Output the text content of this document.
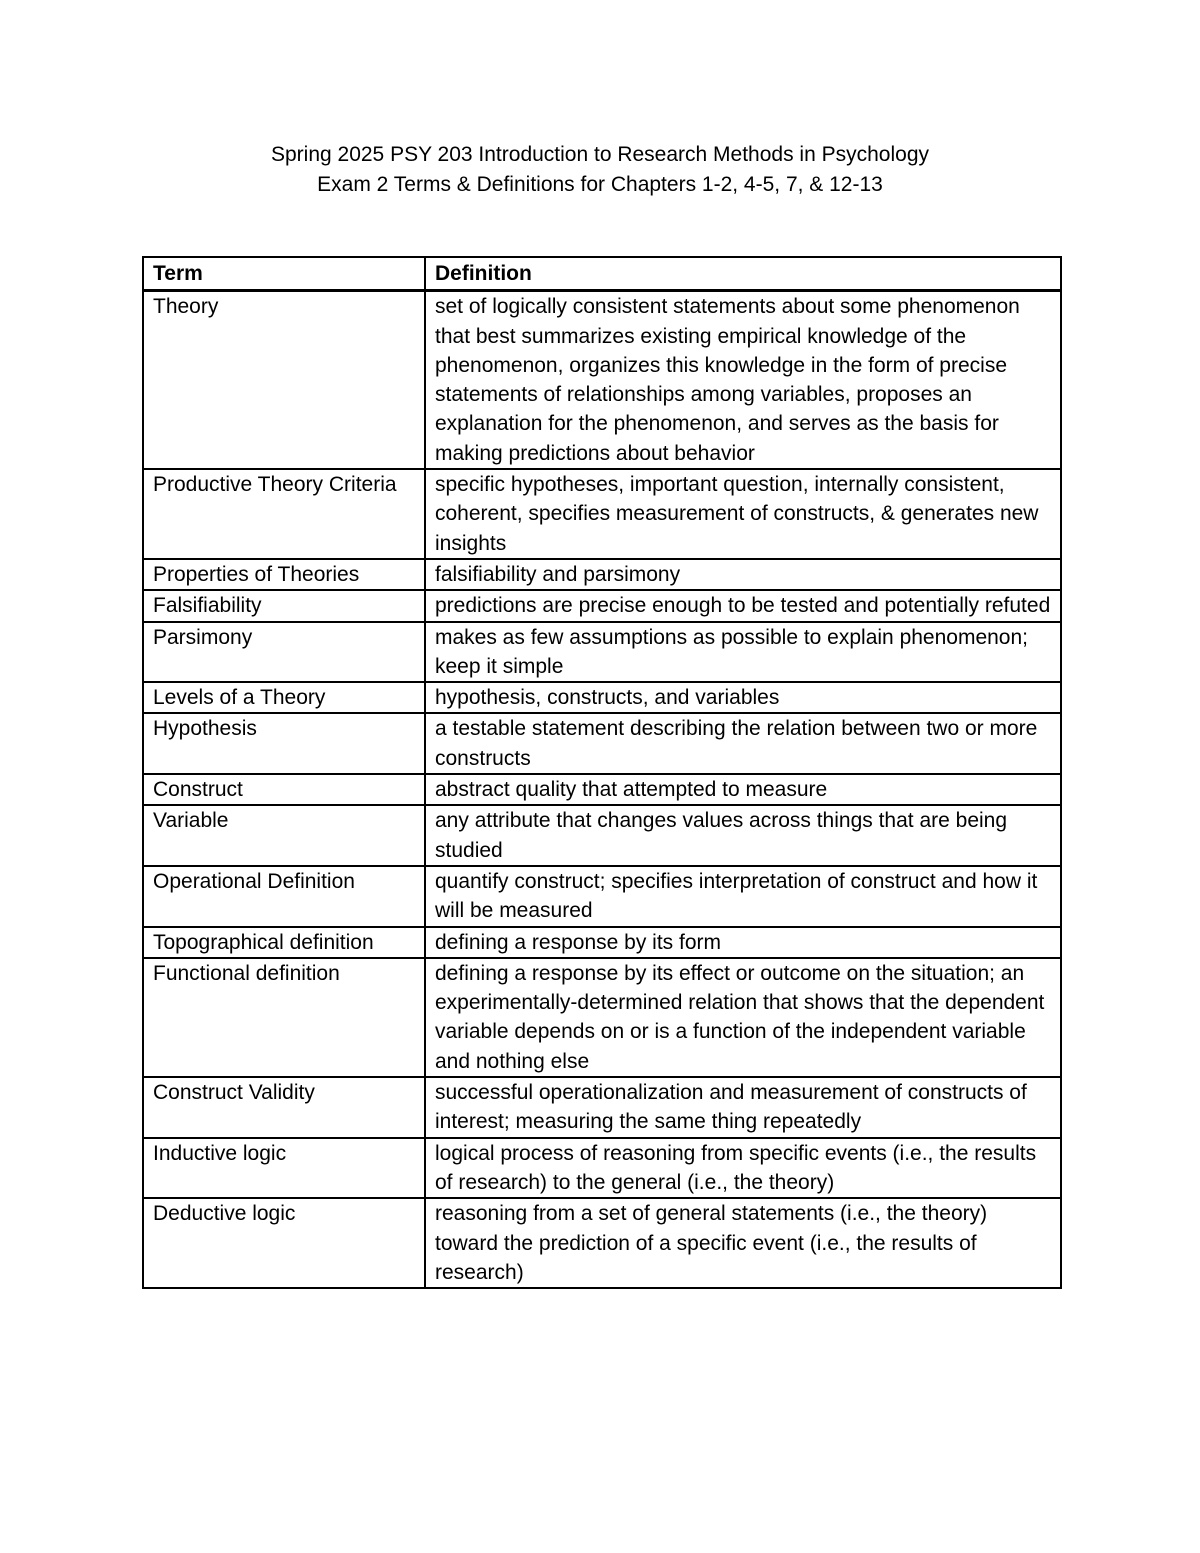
Spring 2025 PSY 203 Introduction to Research Methods in Psychology
Exam 2 Terms & Definitions for Chapters 1-2, 4-5, 7, & 12-13
Term	Definition
Theory	set of logically consistent statements about some phenomenon that best summarizes existing empirical knowledge of the phenomenon, organizes this knowledge in the form of precise statements of relationships among variables, proposes an explanation for the phenomenon, and serves as the basis for making predictions about behavior
Productive Theory Criteria	specific hypotheses, important question, internally consistent, coherent, specifies measurement of constructs, & generates new insights
Properties of Theories	falsifiability and parsimony
Falsifiability	predictions are precise enough to be tested and potentially refuted
Parsimony	makes as few assumptions as possible to explain phenomenon; keep it simple
Levels of a Theory	hypothesis, constructs, and variables
Hypothesis	a testable statement describing the relation between two or more constructs
Construct	abstract quality that attempted to measure
Variable	any attribute that changes values across things that are being studied
Operational Definition	quantify construct; specifies interpretation of construct and how it will be measured
Topographical definition	defining a response by its form
Functional definition	defining a response by its effect or outcome on the situation; an experimentally-determined relation that shows that the dependent variable depends on or is a function of the independent variable and nothing else
Construct Validity	successful operationalization and measurement of constructs of interest; measuring the same thing repeatedly
Inductive logic	logical process of reasoning from specific events (i.e., the results of research) to the general (i.e., the theory)
Deductive logic	reasoning from a set of general statements (i.e., the theory) toward the prediction of a specific event (i.e., the results of research)
